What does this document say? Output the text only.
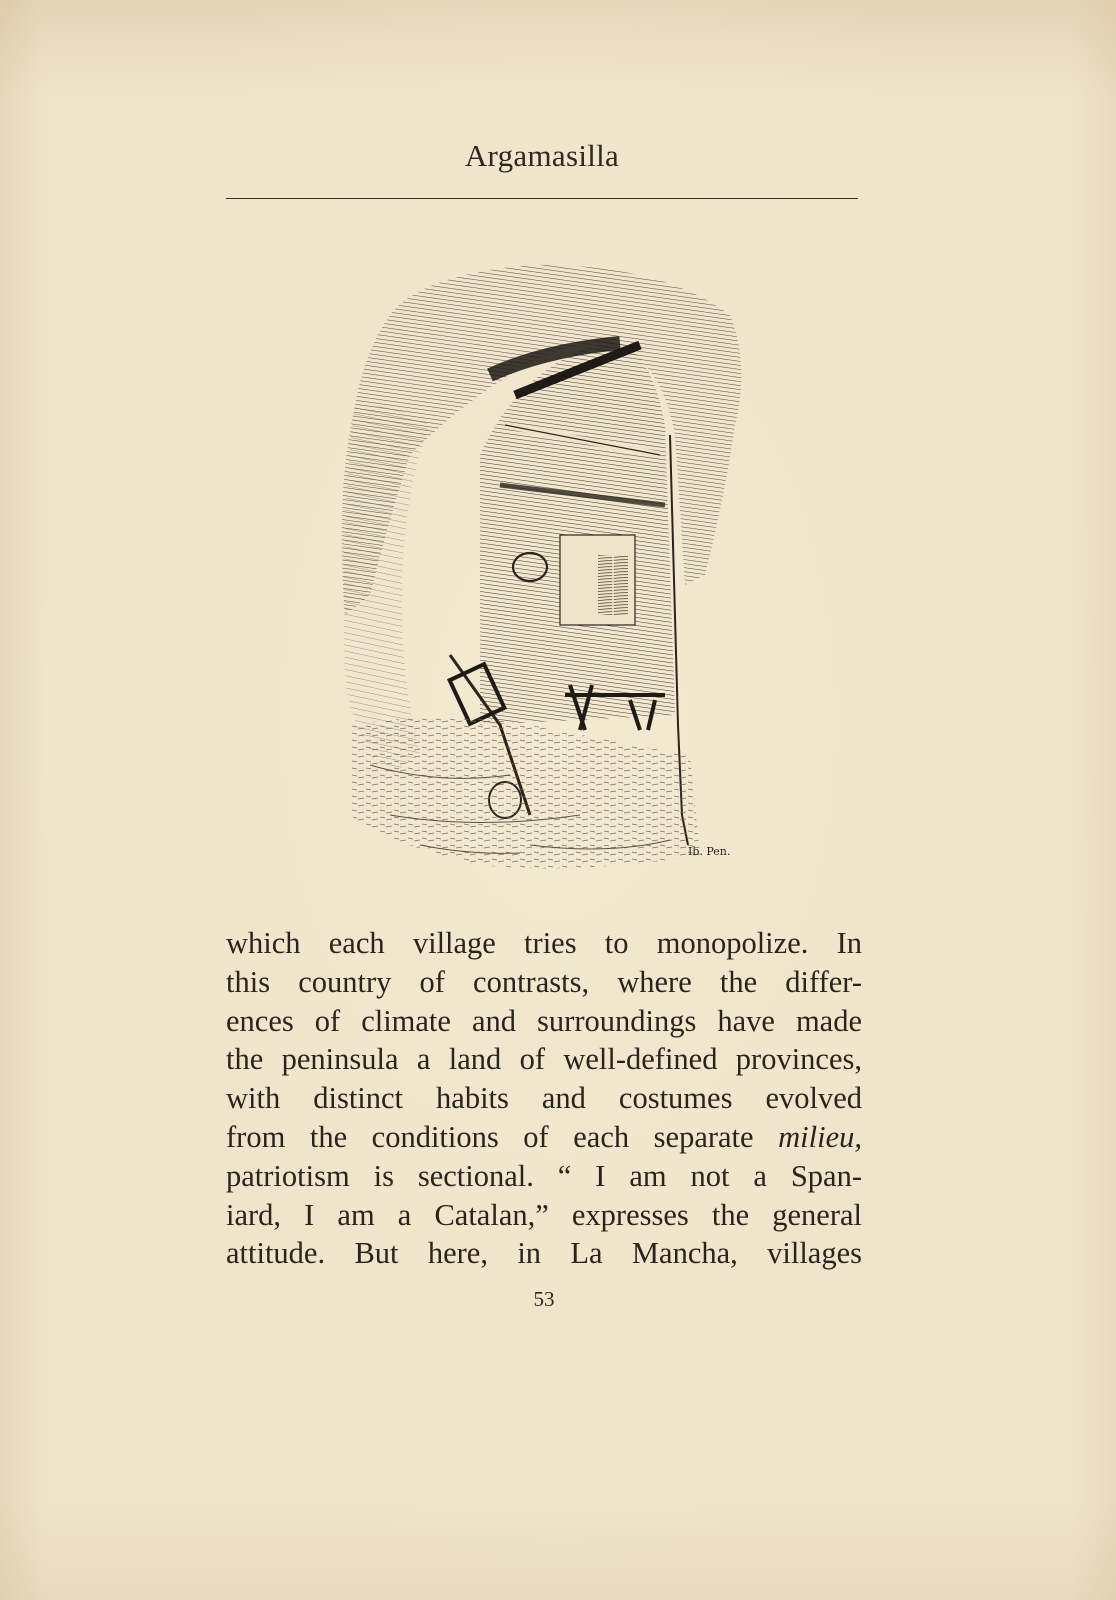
Argamasilla
Ib. Pen.
which each village tries to monopolize. In
this country of contrasts, where the differ-
ences of climate and surroundings have made
the peninsula a land of well-defined provinces,
with distinct habits and costumes evolved
from the conditions of each separate milieu,
patriotism is sectional. “ I am not a Span-
iard, I am a Catalan,” expresses the general
attitude. But here, in La Mancha, villages
53
